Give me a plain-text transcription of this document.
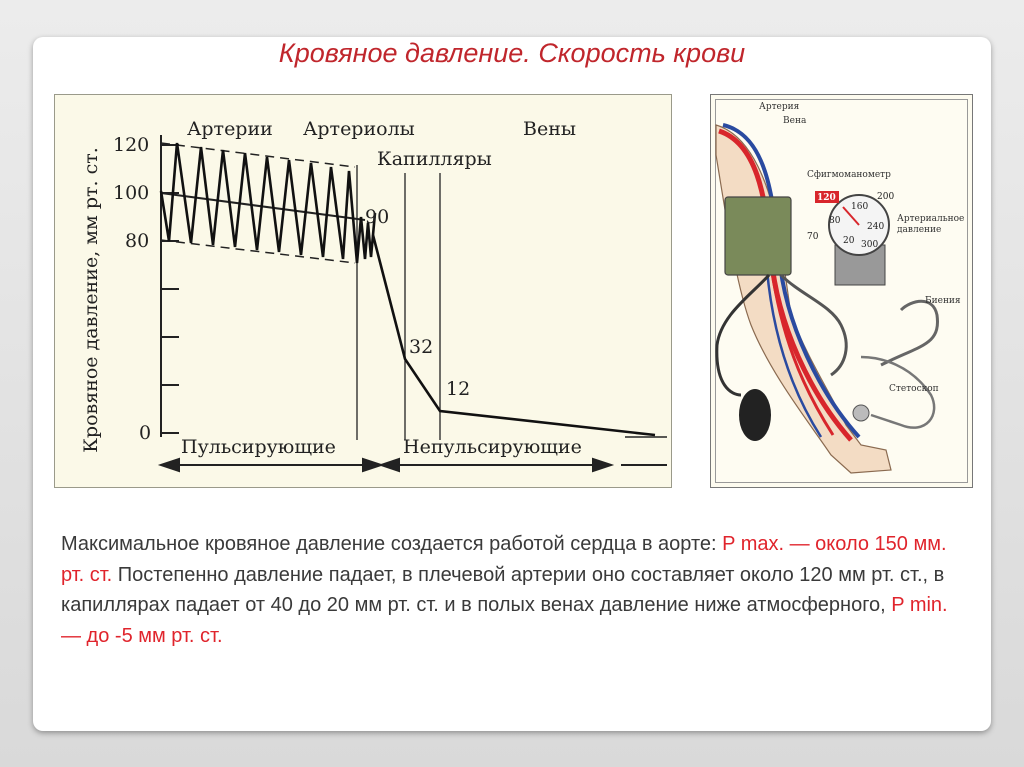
Кровяное давление. Скорость крови
Кровяное давление, мм рт. ст.
120
100
80
0
Артерии Артериолы
Капилляры
Вены
90
32
12
Пульсирующие	Непульсирующие
120	200
160
80
240
70	20 300
Артерия
Вена
Сфигмоманометр
Артериальное
давление
Биения
Стетоскоп
Максимальное кровяное давление создается работой сердца в аорте: P max. — около 150 мм. рт. ст. Постепенно давление падает, в плечевой артерии оно составляет около 120 мм рт. ст., в капиллярах падает от 40 до 20 мм рт. ст. и в полых венах давление ниже атмосферного, P min. — до -5 мм рт. ст.
